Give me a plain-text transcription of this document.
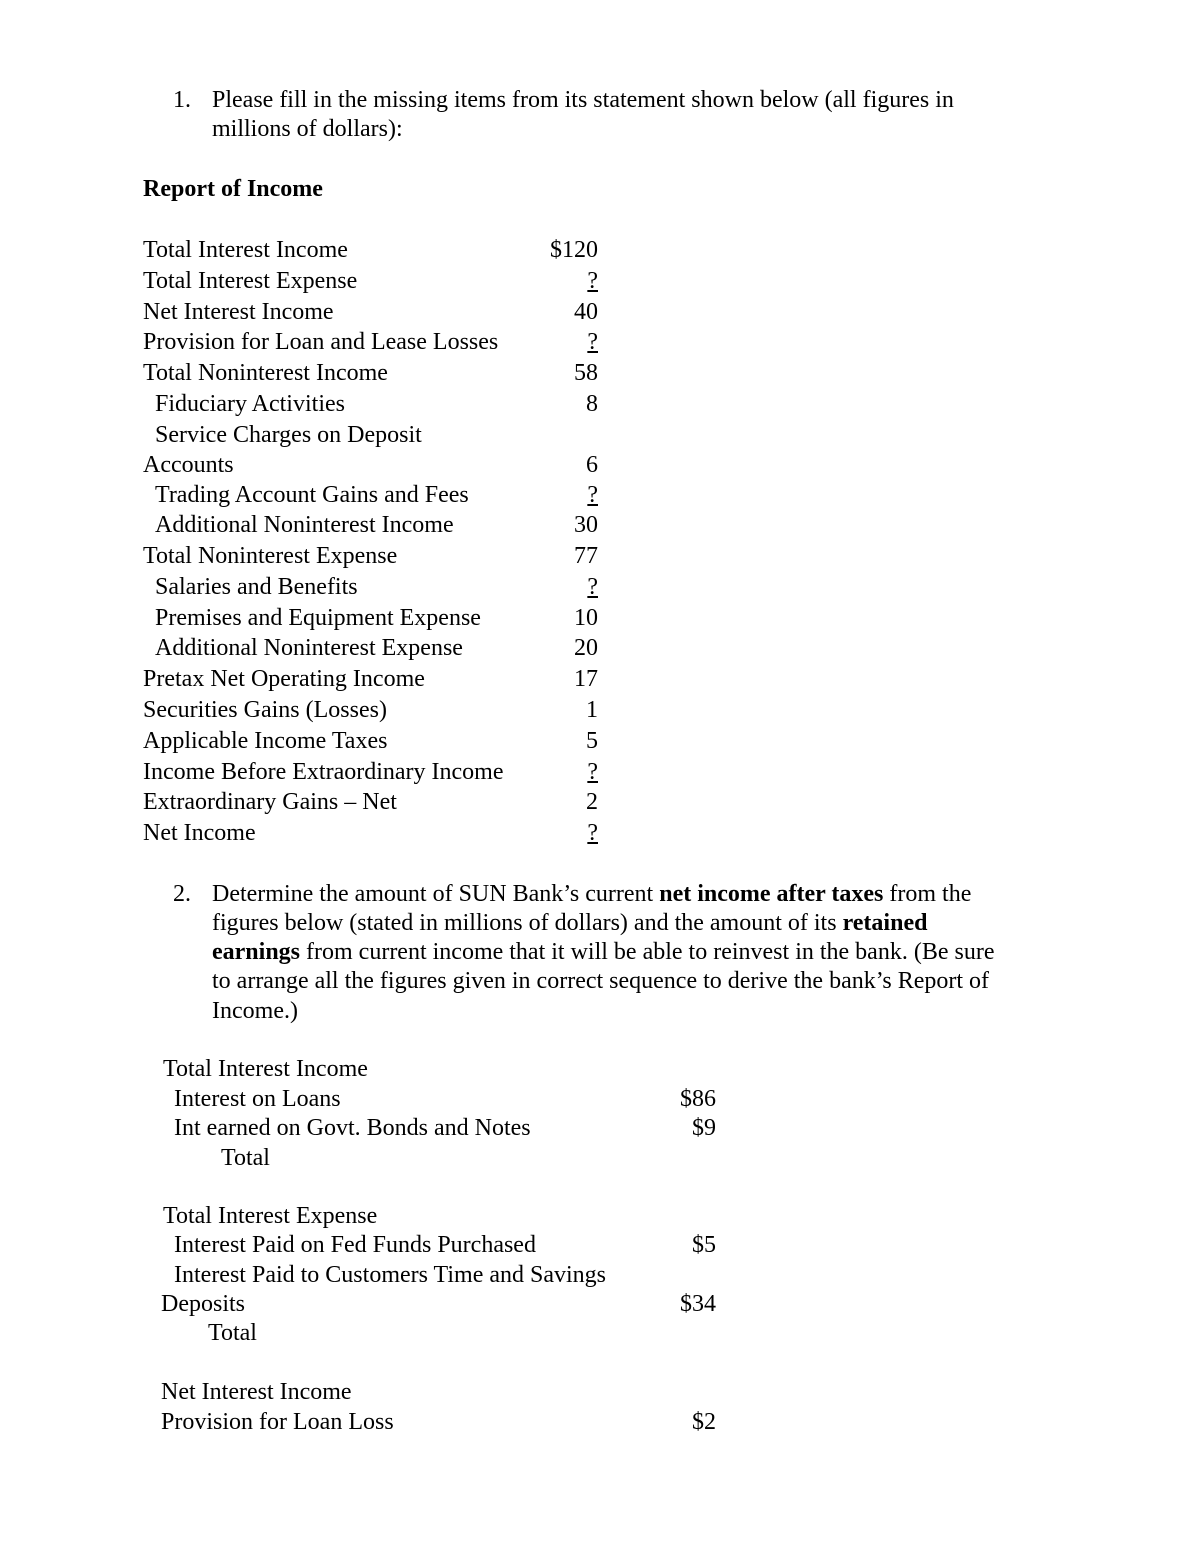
1. Please fill in the missing items from its statement shown below (all figures in
millions of dollars):
Report of Income
Total Interest Income	$120
Total Interest Expense	?
Net Interest Income	40
Provision for Loan and Lease Losses	?
Total Noninterest Income	58
Fiduciary Activities	8
Service Charges on Deposit
Accounts	6
Trading Account Gains and Fees	?
Additional Noninterest Income	30
Total Noninterest Expense	77
Salaries and Benefits	?
Premises and Equipment Expense	10
Additional Noninterest Expense	20
Pretax Net Operating Income	17
Securities Gains (Losses)	1
Applicable Income Taxes	5
Income Before Extraordinary Income	?
Extraordinary Gains – Net	2
Net Income	?
2. Determine the amount of SUN Bank’s current net income after taxes from the
figures below (stated in millions of dollars) and the amount of its retained
earnings from current income that it will be able to reinvest in the bank. (Be sure
to arrange all the figures given in correct sequence to derive the bank’s Report of
Income.)
Total Interest Income
Interest on Loans	$86
Int earned on Govt. Bonds and Notes	$9
Total
Total Interest Expense
Interest Paid on Fed Funds Purchased	$5
Interest Paid to Customers Time and Savings
Deposits	$34
Total
Net Interest Income
Provision for Loan Loss	$2
